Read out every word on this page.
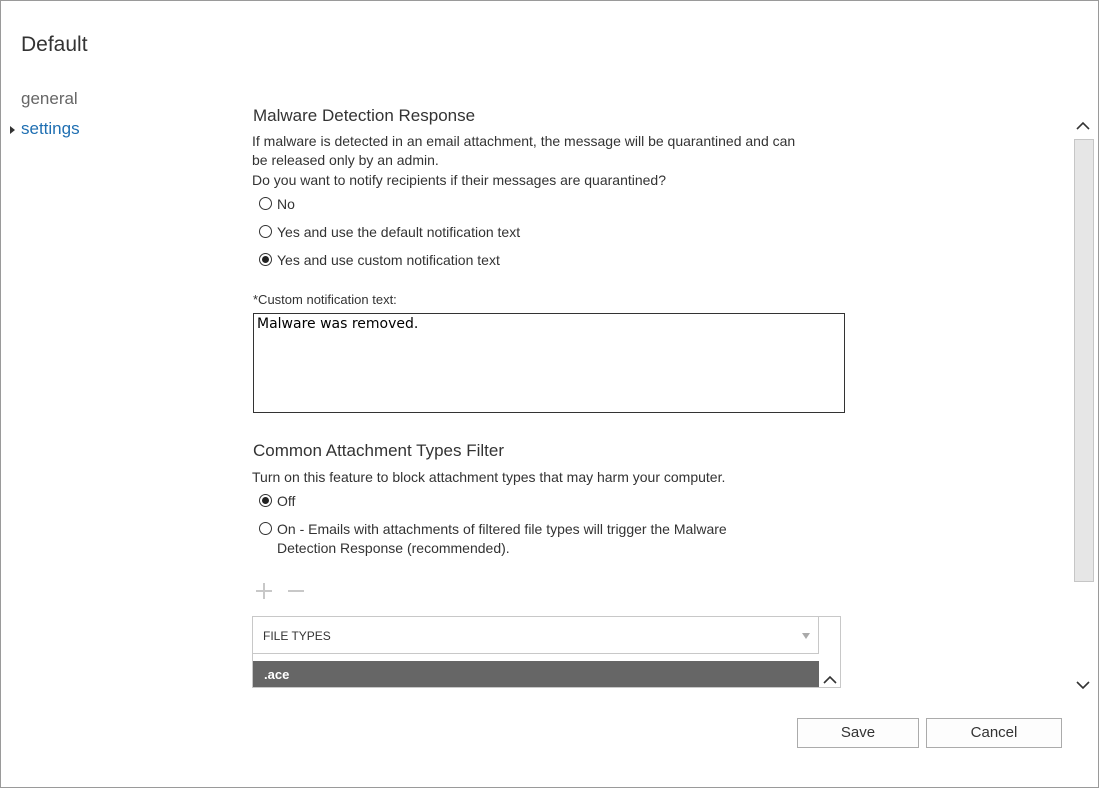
Default
general
settings
Malware Detection Response
If malware is detected in an email attachment, the message will be quarantined and can
be released only by an admin.
Do you want to notify recipients if their messages are quarantined?
No
Yes and use the default notification text
Yes and use custom notification text
*Custom notification text:
Malware was removed.
Common Attachment Types Filter
Turn on this feature to block attachment types that may harm your computer.
Off
On - Emails with attachments of filtered file types will trigger the Malware
Detection Response (recommended).
FILE TYPES
.ace
Save	Cancel
